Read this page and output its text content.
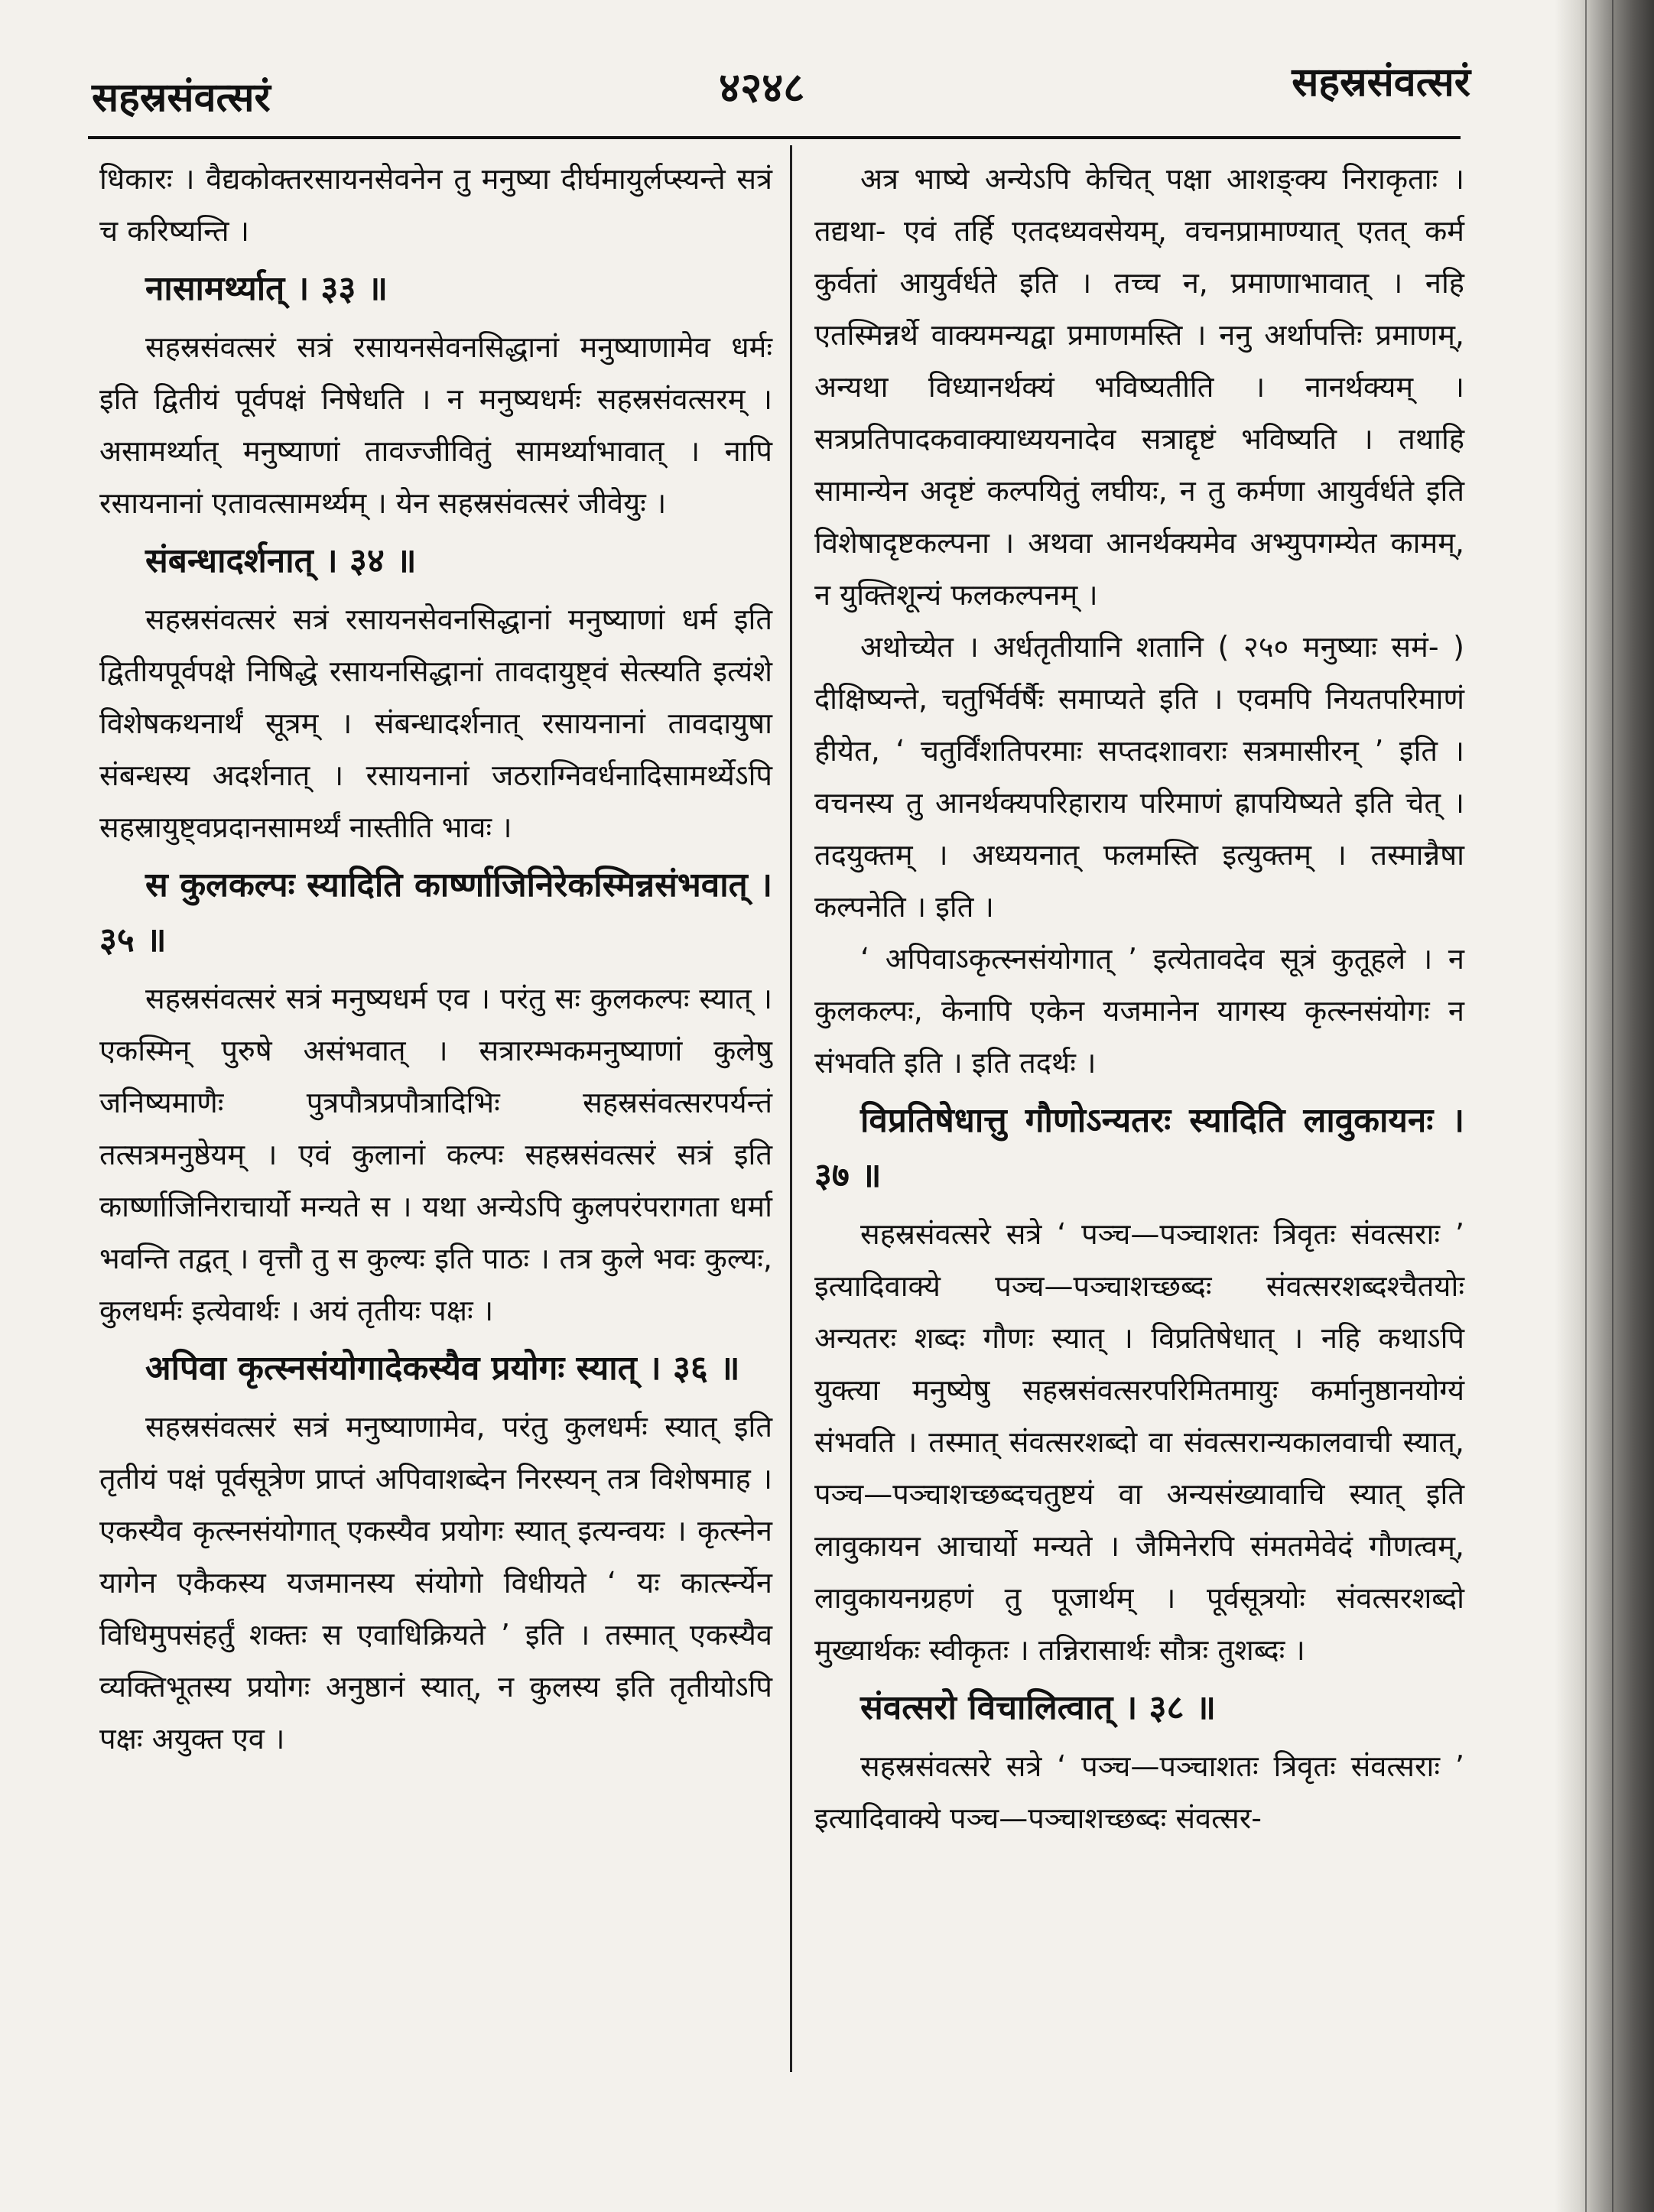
सहस्रसंवत्सरं	४२४८	सहस्रसंवत्सरं

धिकारः । वैद्यकोक्तरसायनसेवनेन तु मनुष्या दीर्घमायुर्लप्स्यन्ते सत्रं च करिष्यन्ति ।

नासामर्थ्यात् । ३३ ॥

सहस्रसंवत्सरं सत्रं रसायनसेवनसिद्धानां मनुष्याणामेव धर्मः इति द्वितीयं पूर्वपक्षं निषेधति । न मनुष्यधर्मः सहस्रसंवत्सरम् । असामर्थ्यात् मनुष्याणां तावज्जीवितुं सामर्थ्याभावात् । नापि रसायनानां एतावत्सामर्थ्यम् । येन सहस्रसंवत्सरं जीवेयुः ।

संबन्धादर्शनात् । ३४ ॥

सहस्रसंवत्सरं सत्रं रसायनसेवनसिद्धानां मनुष्याणां धर्म इति द्वितीयपूर्वपक्षे निषिद्धे रसायनसिद्धानां तावदायुष्ट्वं सेत्स्यति इत्यंशे विशेषकथनार्थं सूत्रम् । संबन्धादर्शनात् रसायनानां तावदायुषा संबन्धस्य अदर्शनात् । रसायनानां जठराग्निवर्धनादिसामर्थ्येऽपि सहस्रायुष्ट्वप्रदानसामर्थ्यं नास्तीति भावः ।

स कुलकल्पः स्यादिति कार्ष्णाजिनिरेकस्मिन्नसंभवात् । ३५ ॥

सहस्रसंवत्सरं सत्रं मनुष्यधर्म एव । परंतु सः कुलकल्पः स्यात् । एकस्मिन् पुरुषे असंभवात् । सत्रारम्भकमनुष्याणां कुलेषु जनिष्यमाणैः पुत्रपौत्रप्रपौत्रादिभिः सहस्रसंवत्सरपर्यन्तं तत्सत्रमनुष्ठेयम् । एवं कुलानां कल्पः सहस्रसंवत्सरं सत्रं इति कार्ष्णाजिनिराचार्यो मन्यते स । यथा अन्येऽपि कुलपरंपरागता धर्मा भवन्ति तद्वत् । वृत्तौ तु स कुल्यः इति पाठः । तत्र कुले भवः कुल्यः, कुलधर्मः इत्येवार्थः । अयं तृतीयः पक्षः ।

अपिवा कृत्स्नसंयोगादेकस्यैव प्रयोगः स्यात् । ३६ ॥

सहस्रसंवत्सरं सत्रं मनुष्याणामेव, परंतु कुलधर्मः स्यात् इति तृतीयं पक्षं पूर्वसूत्रेण प्राप्तं अपिवाशब्देन निरस्यन् तत्र विशेषमाह । एकस्यैव कृत्स्नसंयोगात् एकस्यैव प्रयोगः स्यात् इत्यन्वयः । कृत्स्नेन यागेन एकैकस्य यजमानस्य संयोगो विधीयते ‘ यः कार्त्स्न्येन विधिमुपसंहर्तुं शक्तः स एवाधिक्रियते ’ इति । तस्मात् एकस्यैव व्यक्तिभूतस्य प्रयोगः अनुष्ठानं स्यात्, न कुलस्य इति तृतीयोऽपि पक्षः अयुक्त एव ।

अत्र भाष्ये अन्येऽपि केचित् पक्षा आशङ्क्य निराकृताः । तद्यथा- एवं तर्हि एतदध्यवसेयम्, वचनप्रामाण्यात् एतत् कर्म कुर्वतां आयुर्वर्धते इति । तच्च न, प्रमाणाभावात् । नहि एतस्मिन्नर्थे वाक्यमन्यद्वा प्रमाणमस्ति । ननु अर्थापत्तिः प्रमाणम्, अन्यथा विध्यानर्थक्यं भविष्यतीति । नानर्थक्यम् । सत्रप्रतिपादकवाक्याध्ययनादेव सत्राद्दृष्टं भविष्यति । तथाहि सामान्येन अदृष्टं कल्पयितुं लघीयः, न तु कर्मणा आयुर्वर्धते इति विशेषादृष्टकल्पना । अथवा आनर्थक्यमेव अभ्युपगम्येत कामम्, न युक्तिशून्यं फलकल्पनम् ।

अथोच्येत । अर्धतृतीयानि शतानि ( २५० मनुष्याः समं- ) दीक्षिष्यन्ते, चतुर्भिर्वर्षैः समाप्यते इति । एवमपि नियतपरिमाणं हीयेत, ‘ चतुर्विंशतिपरमाः सप्तदशावराः सत्रमासीरन् ’ इति । वचनस्य तु आनर्थक्यपरिहाराय परिमाणं ह्रापयिष्यते इति चेत् । तदयुक्तम् । अध्ययनात् फलमस्ति इत्युक्तम् । तस्मान्नैषा कल्पनेति । इति ।

‘ अपिवाऽकृत्स्नसंयोगात् ’ इत्येतावदेव सूत्रं कुतूहले । न कुलकल्पः, केनापि एकेन यजमानेन यागस्य कृत्स्नसंयोगः न संभवति इति । इति तदर्थः ।

विप्रतिषेधात्तु गौणोऽन्यतरः स्यादिति लावुकायनः । ३७ ॥

सहस्रसंवत्सरे सत्रे ‘ पञ्च—पञ्चाशतः त्रिवृतः संवत्सराः ’ इत्यादिवाक्ये पञ्च—पञ्चाशच्छब्दः संवत्सरशब्दश्चैतयोः अन्यतरः शब्दः गौणः स्यात् । विप्रतिषेधात् । नहि कथाऽपि युक्त्या मनुष्येषु सहस्रसंवत्सरपरिमितमायुः कर्मानुष्ठानयोग्यं संभवति । तस्मात् संवत्सरशब्दो वा संवत्सरान्यकालवाची स्यात्, पञ्च—पञ्चाशच्छब्दचतुष्टयं वा अन्यसंख्यावाचि स्यात् इति लावुकायन आचार्यो मन्यते । जैमिनेरपि संमतमेवेदं गौणत्वम्, लावुकायनग्रहणं तु पूजार्थम् । पूर्वसूत्रयोः संवत्सरशब्दो मुख्यार्थकः स्वीकृतः । तन्निरासार्थः सौत्रः तुशब्दः ।

संवत्सरो विचालित्वात् । ३८ ॥

सहस्रसंवत्सरे सत्रे ‘ पञ्च—पञ्चाशतः त्रिवृतः संवत्सराः ’ इत्यादिवाक्ये पञ्च—पञ्चाशच्छब्दः संवत्सर-
